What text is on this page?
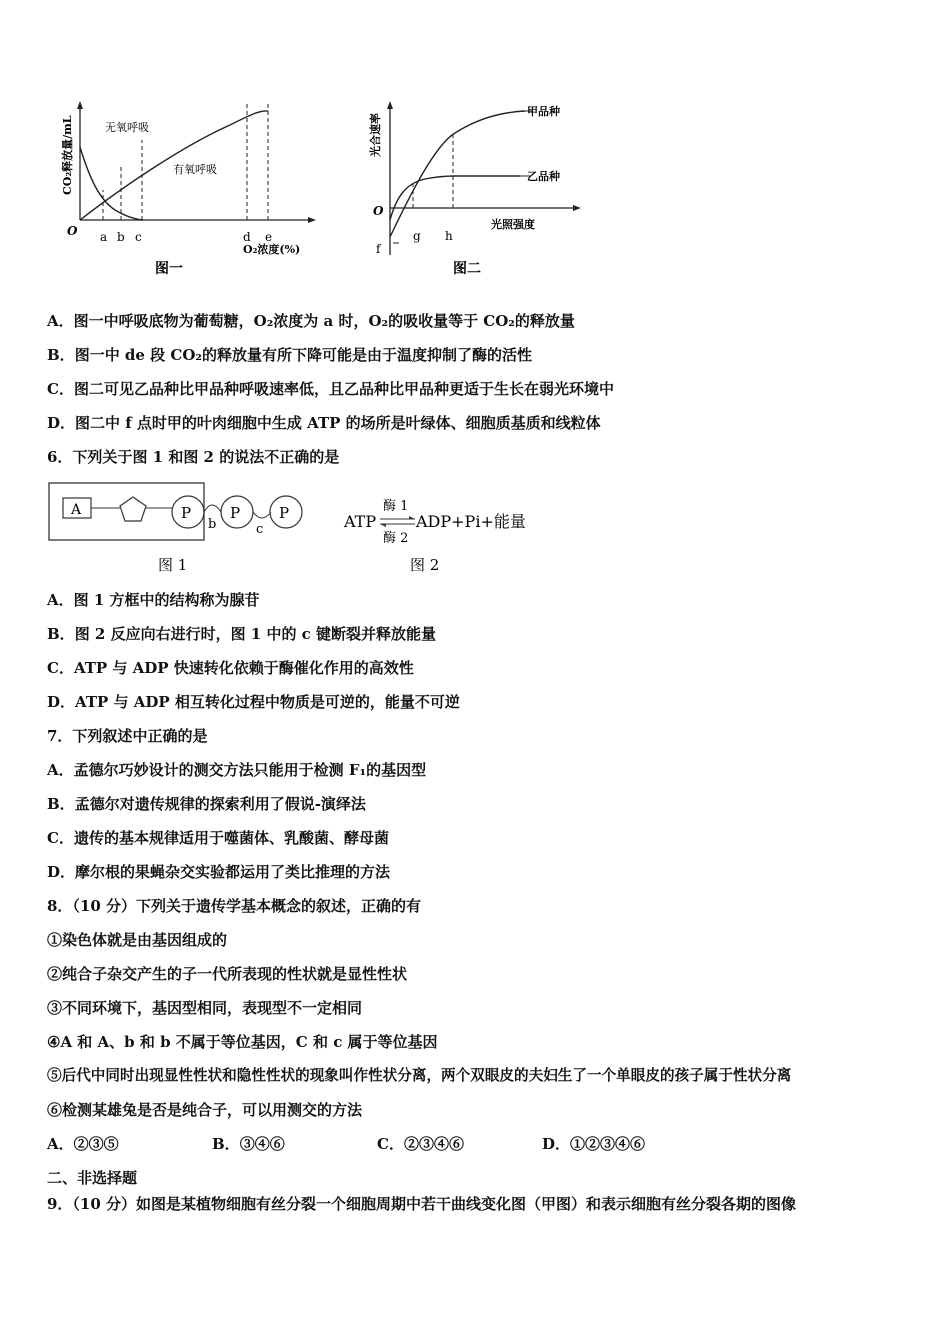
CO₂释放量/mL
O
无氧呼吸
有氧呼吸
a b c	d e
O₂浓度(%)
图一
光合速率
O
甲品种
乙品种
光照强度
f
g h
图二
A．图一中呼吸底物为葡萄糖，O₂浓度为 a 时，O₂的吸收量等于 CO₂的释放量
B．图一中 de 段 CO₂的释放量有所下降可能是由于温度抑制了酶的活性
C．图二可见乙品种比甲品种呼吸速率低，且乙品种比甲品种更适于生长在弱光环境中
D．图二中 f 点时甲的叶肉细胞中生成 ATP 的场所是叶绿体、细胞质基质和线粒体
6．下列关于图 1 和图 2 的说法不正确的是
A	P
b
P
c
P
图 1
酶 1
ATP ADP+Pi+能量
酶 2
图 2
A．图 1 方框中的结构称为腺苷
B．图 2 反应向右进行时，图 1 中的 c 键断裂并释放能量
C．ATP 与 ADP 快速转化依赖于酶催化作用的高效性
D．ATP 与 ADP 相互转化过程中物质是可逆的，能量不可逆
7．下列叙述中正确的是
A．孟德尔巧妙设计的测交方法只能用于检测 F₁的基因型
B．孟德尔对遗传规律的探索利用了假说-演绎法
C．遗传的基本规律适用于噬菌体、乳酸菌、酵母菌
D．摩尔根的果蝇杂交实验都运用了类比推理的方法
8．（10 分）下列关于遗传学基本概念的叙述，正确的有
①染色体就是由基因组成的
②纯合子杂交产生的子一代所表现的性状就是显性性状
③不同环境下，基因型相同，表现型不一定相同
④A 和 A、b 和 b 不属于等位基因，C 和 c 属于等位基因
⑤后代中同时出现显性性状和隐性性状的现象叫作性状分离，两个双眼皮的夫妇生了一个单眼皮的孩子属于性状分离
⑥检测某雄兔是否是纯合子，可以用测交的方法
A．②③⑤	B．③④⑥	C．②③④⑥	D．①②③④⑥
二、非选择题
9．（10 分）如图是某植物细胞有丝分裂一个细胞周期中若干曲线变化图（甲图）和表示细胞有丝分裂各期的图像
